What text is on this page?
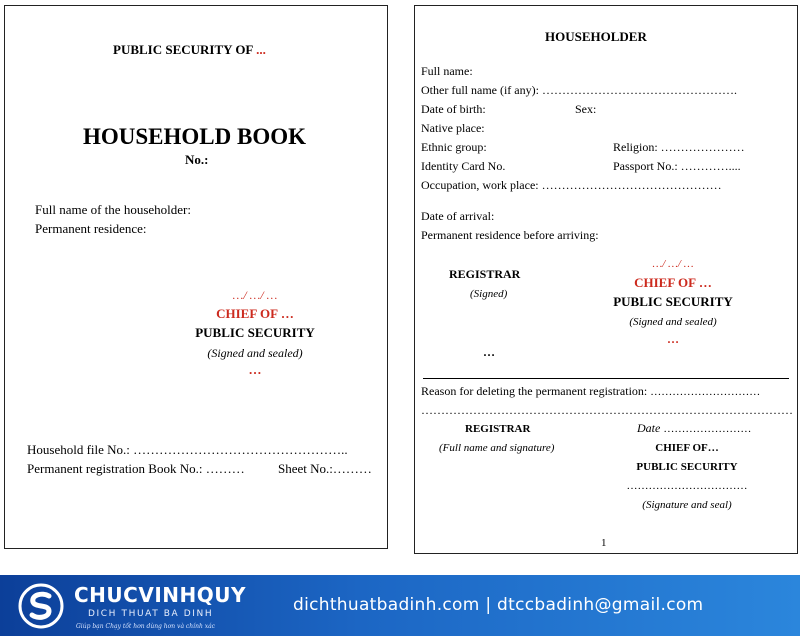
PUBLIC SECURITY OF ...
HOUSEHOLD BOOK
No.:
Full name of the householder:
Permanent residence:
…/ …/ …
CHIEF OF …
PUBLIC SECURITY
(Signed and sealed)
…
Household file No.: …………………………………………..
Permanent registration Book No.: ………	Sheet No.:………
HOUSEHOLDER
Full name:
Other full name (if any): ………………………………………….
Date of birth:	Sex:
Native place:
Ethnic group:	Religion: …………………
Identity Card No.	Passport No.: …………....
Occupation, work place: ………………………………………
Date of arrival:
Permanent residence before arriving:
…/ …/ …
REGISTRAR
(Signed)
CHIEF OF …
PUBLIC SECURITY
(Signed and sealed)
…
…
Reason for deleting the permanent registration: …………………………
…………………………………………………………………………………
REGISTRAR
(Full name and signature)
Date ……………………
CHIEF OF…
PUBLIC SECURITY
……………………………
(Signature and seal)
1
CHUCVINHQUY
DICH THUAT BA DINH
Giúp bạn Chạy tốt hơn dùng hơn và chính xác
dichthuatbadinh.com | dtccbadinh@gmail.com
